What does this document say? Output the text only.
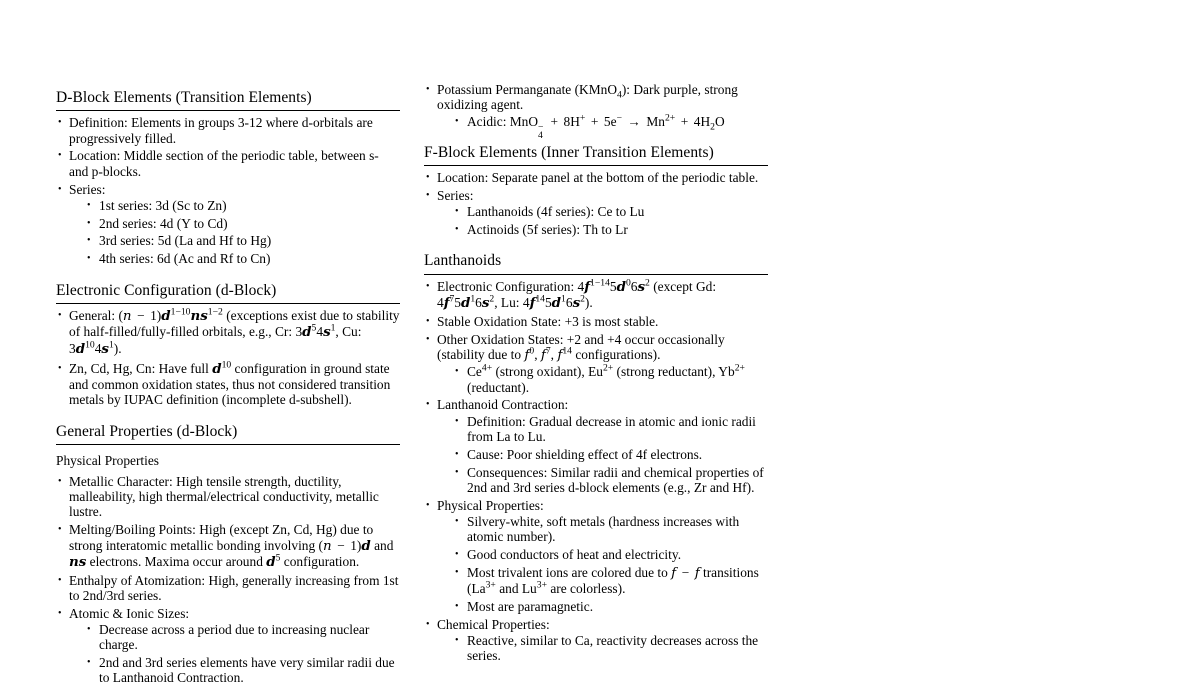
D-Block Elements (Transition Elements)
• Definition: Elements in groups 3-12 where d-orbitals are progressively filled.
• Location: Middle section of the periodic table, between s- and p-blocks.
• Series:
• 1st series: 3d (Sc to Zn)
• 2nd series: 4d (Y to Cd)
• 3rd series: 5d (La and Hf to Hg)
• 4th series: 6d (Ac and Rf to Cn)
Electronic Configuration (d-Block)
• General: $(n - 1)d^{1-10}ns^{1-2}$ (exceptions exist due to stability of half-filled/fully-filled orbitals, e.g., Cr: $3d^54s^1$, Cu: $3d^{10}4s^1$).
• Zn, Cd, Hg, Cn: Have full $d^{10}$ configuration in ground state and common oxidation states, thus not considered transition metals by IUPAC definition (incomplete d-subshell).
General Properties (d-Block)
Physical Properties
• Metallic Character: High tensile strength, ductility, malleability, high thermal/electrical conductivity, metallic lustre.
• Melting/Boiling Points: High (except Zn, Cd, Hg) due to strong interatomic metallic bonding involving (n − 1)d and ns electrons. Maxima occur around $d^5$ configuration.
• Enthalpy of Atomization: High, generally increasing from 1st to 2nd/3rd series.
• Atomic & Ionic Sizes:
• Decrease across a period due to increasing nuclear charge.
• 2nd and 3rd series elements have very similar radii due to Lanthanoid Contraction.
• Potassium Permanganate (KMnO$_4$): Dark purple, strong oxidizing agent.
• Acidic: MnO −
4
+ $8H^+ + 5e^- \to Mn^{2+} + 4H_2O$
F-Block Elements (Inner Transition Elements)
• Location: Separate panel at the bottom of the periodic table.
• Series:
• Lanthanoids (4f series): Ce to Lu
• Actinoids (5f series): Th to Lr
Lanthanoids
• Electronic Configuration: $4f^{1-14}5d^06s^2$ (except Gd: $4f^75d^16s^2$, Lu: $4f^{14}5d^16s^2$).
• Stable Oxidation State: +3 is most stable.
• Other Oxidation States: +2 and +4 occur occasionally (stability due to $f^0$, $f^7$, $f^{14}$ configurations).
• $Ce^{4+}$ (strong oxidant), $Eu^{2+}$ (strong reductant), $Yb^{2+}$ (reductant).
• Lanthanoid Contraction:
• Definition: Gradual decrease in atomic and ionic radii from La to Lu.
• Cause: Poor shielding effect of 4f electrons.
• Consequences: Similar radii and chemical properties of 2nd and 3rd series d-block elements (e.g., Zr and Hf).
• Physical Properties:
• Silvery-white, soft metals (hardness increases with atomic number).
• Good conductors of heat and electricity.
• Most trivalent ions are colored due to f − f transitions ($La^{3+}$ and $Lu^{3+}$ are colorless).
• Most are paramagnetic.
• Chemical Properties:
• Reactive, similar to Ca, reactivity decreases across the series.
